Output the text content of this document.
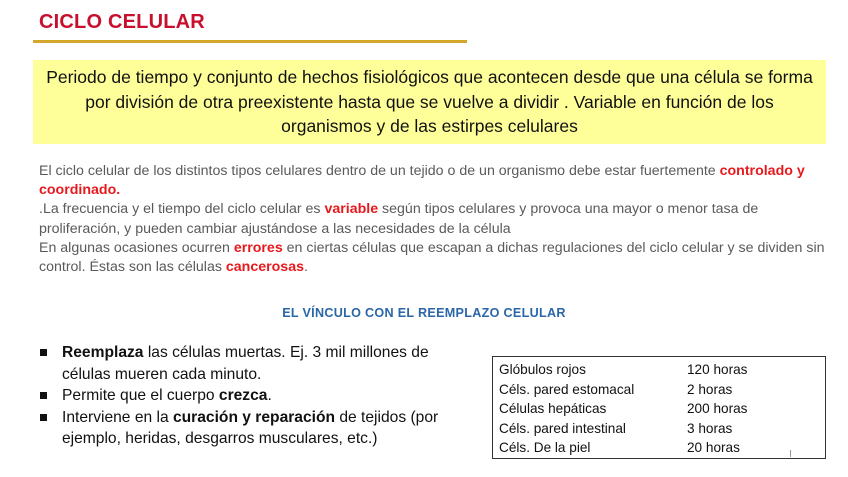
CICLO CELULAR
Periodo de tiempo y conjunto de hechos fisiológicos que acontecen desde que una célula se forma por división de otra preexistente hasta que se vuelve a dividir . Variable en función de los organismos y de las estirpes celulares
El ciclo celular de los distintos tipos celulares dentro de un tejido o de un organismo debe estar fuertemente controlado y coordinado.
.La frecuencia y el tiempo del ciclo celular es variable según tipos celulares y provoca una mayor o menor tasa de proliferación, y pueden cambiar ajustándose a las necesidades de la célula
En algunas ocasiones ocurren errores en ciertas células que escapan a dichas regulaciones del ciclo celular y se dividen sin control. Éstas son las células cancerosas.
EL VÍNCULO CON EL REEMPLAZO CELULAR
Reemplaza las células muertas. Ej. 3 mil millones de células mueren cada minuto.
Permite que el cuerpo crezca.
Interviene en la curación y reparación de tejidos (por ejemplo, heridas, desgarros musculares, etc.)
Glóbulos rojos	120 horas
Céls. pared estomacal	2 horas
Células hepáticas	200 horas
Céls. pared intestinal	3 horas
Céls. De la piel	20 horas
